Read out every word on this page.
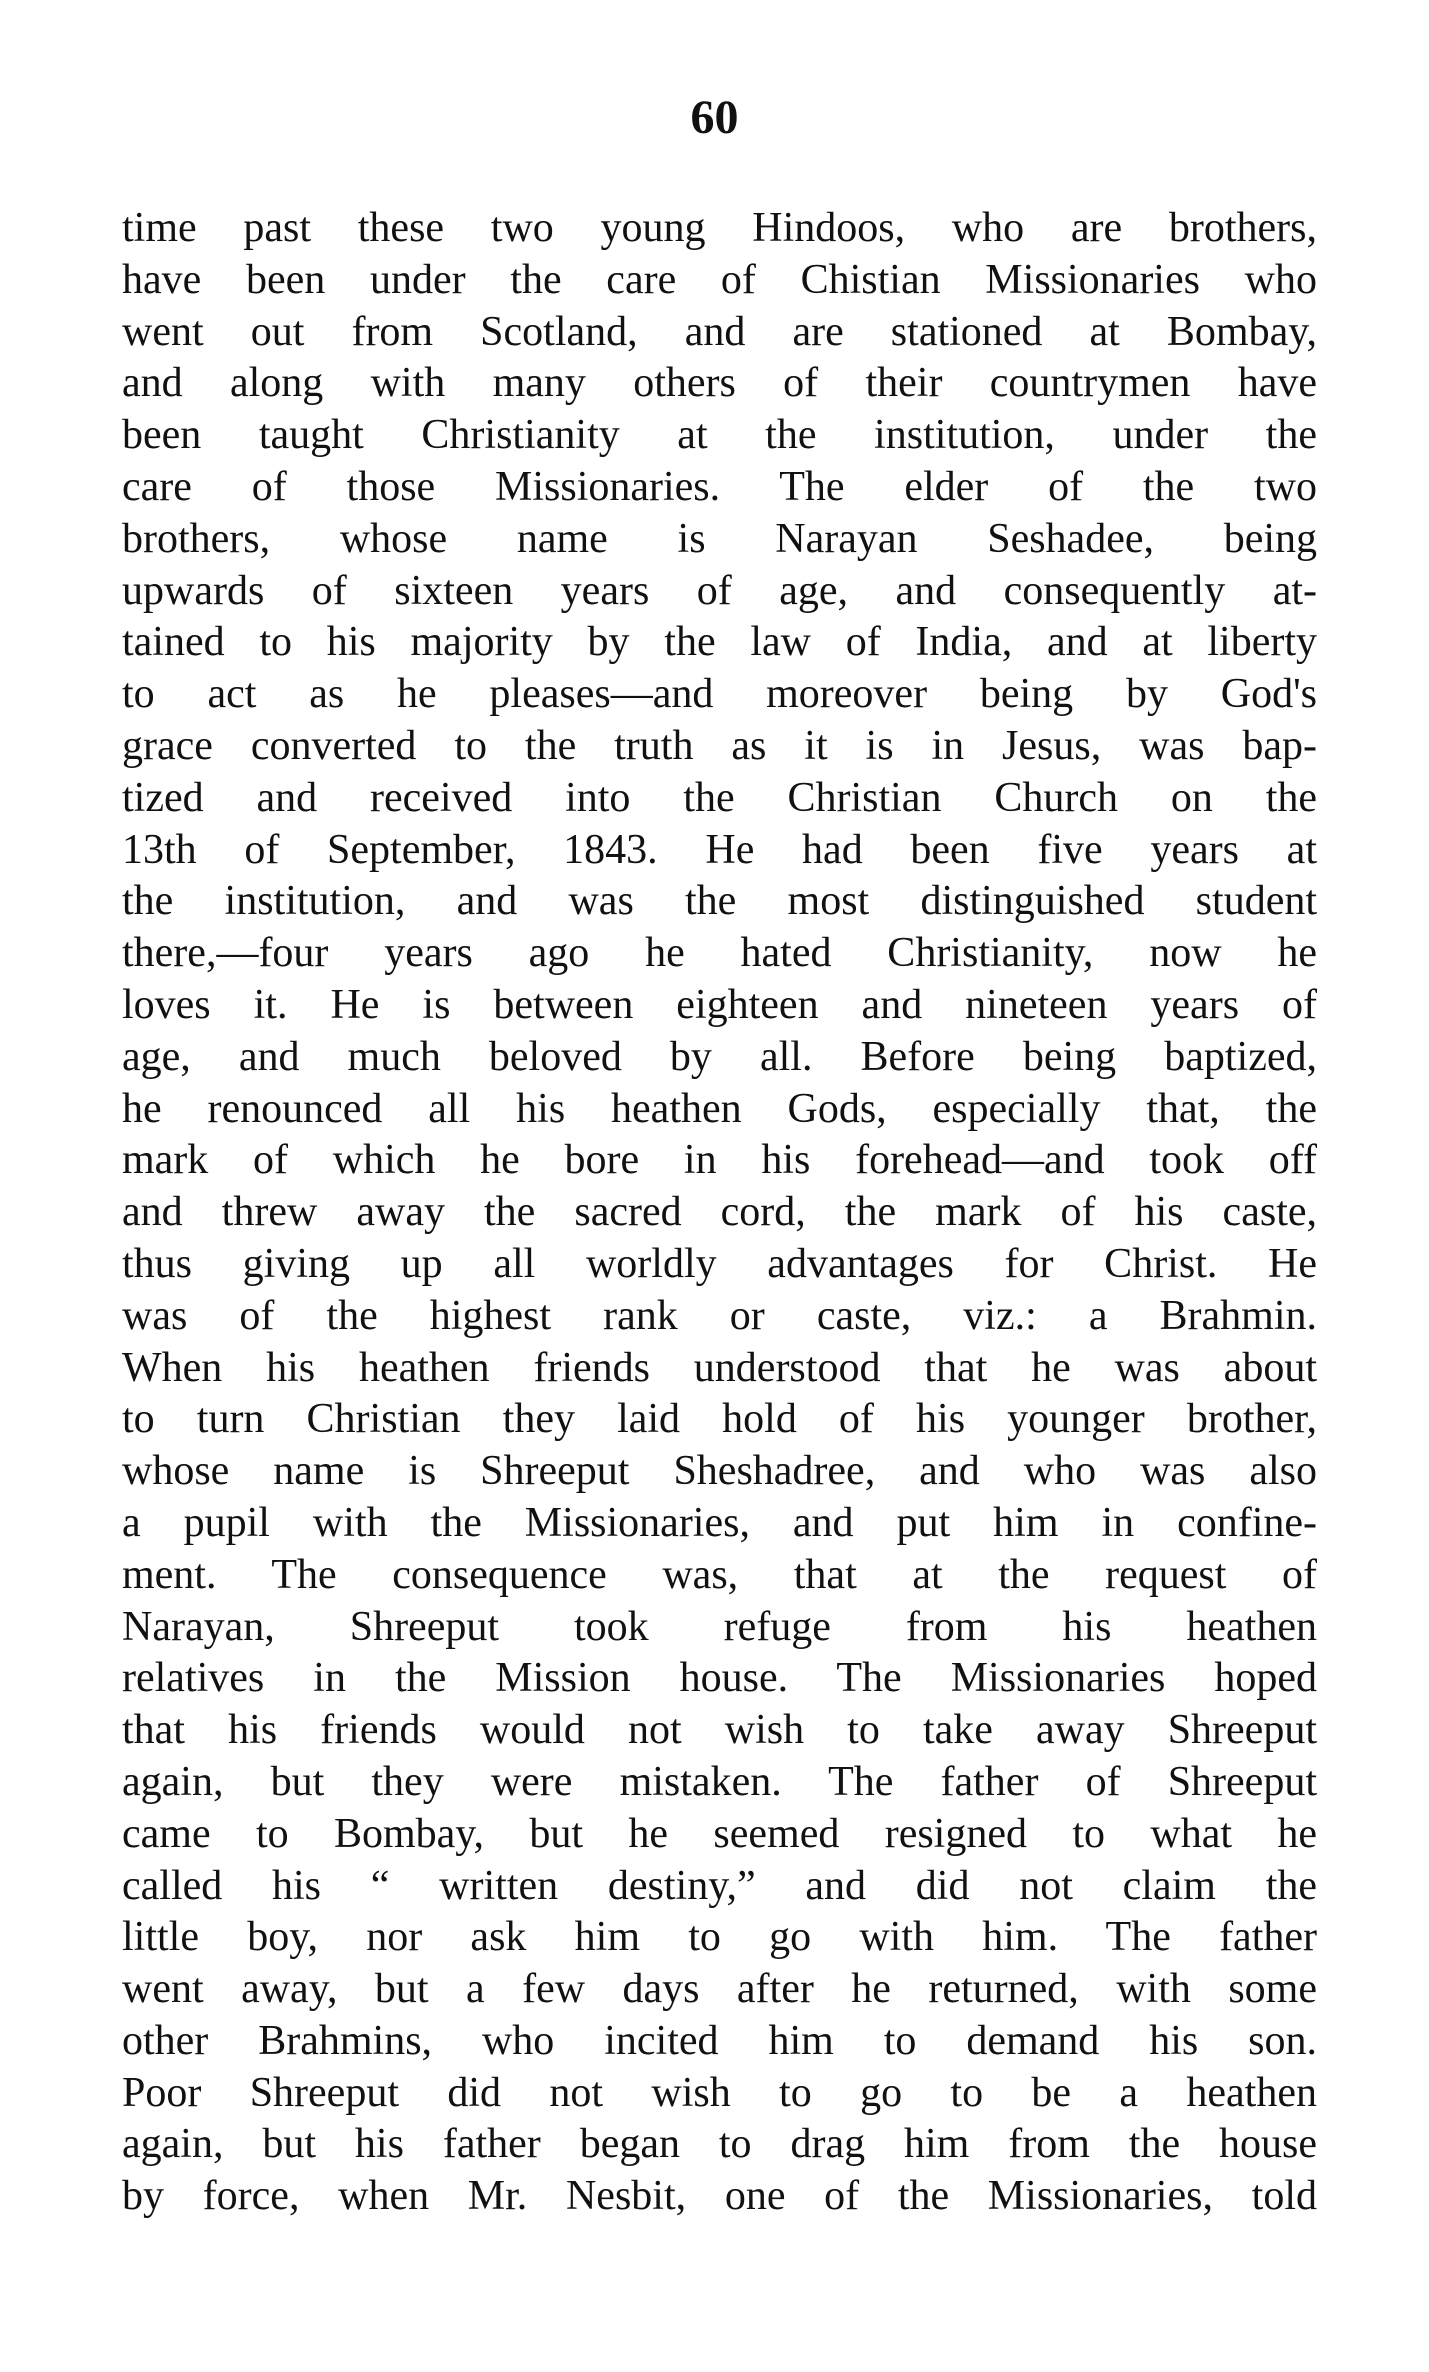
60
time past these two young Hindoos, who are brothers,
have been under the care of Chistian Missionaries who
went out from Scotland, and are stationed at Bombay,
and along with many others of their countrymen have
been taught Christianity at the institution, under the
care of those Missionaries. The elder of the two
brothers, whose name is Narayan Seshadee, being
upwards of sixteen years of age, and consequently at-
tained to his majority by the law of India, and at liberty
to act as he pleases—and moreover being by God's
grace converted to the truth as it is in Jesus, was bap-
tized and received into the Christian Church on the
13th of September, 1843. He had been five years at
the institution, and was the most distinguished student
there,—four years ago he hated Christianity, now he
loves it. He is between eighteen and nineteen years of
age, and much beloved by all. Before being baptized,
he renounced all his heathen Gods, especially that, the
mark of which he bore in his forehead—and took off
and threw away the sacred cord, the mark of his caste,
thus giving up all worldly advantages for Christ. He
was of the highest rank or caste, viz.: a Brahmin.
When his heathen friends understood that he was about
to turn Christian they laid hold of his younger brother,
whose name is Shreeput Sheshadree, and who was also
a pupil with the Missionaries, and put him in confine-
ment. The consequence was, that at the request of
Narayan, Shreeput took refuge from his heathen
relatives in the Mission house. The Missionaries hoped
that his friends would not wish to take away Shreeput
again, but they were mistaken. The father of Shreeput
came to Bombay, but he seemed resigned to what he
called his “ written destiny,” and did not claim the
little boy, nor ask him to go with him. The father
went away, but a few days after he returned, with some
other Brahmins, who incited him to demand his son.
Poor Shreeput did not wish to go to be a heathen
again, but his father began to drag him from the house
by force, when Mr. Nesbit, one of the Missionaries, told
